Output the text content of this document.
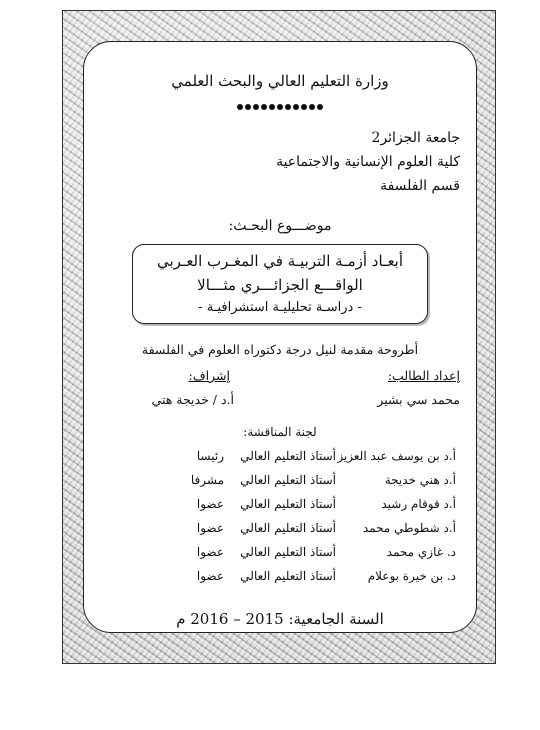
وزارة التعليم العالي والبحث العلمي
جامعة الجزائر2
كلية العلوم الإنسانية والاجتماعية
قسم الفلسفة
موضـــوع البحـث:
أبعـاد أزمـة التربيـة في المغـرب العـربي
الواقـــع الجزائـــري مثـــالا
- دراسـة تحليليـة استشرافيـة -
أطروحة مقدمة لنيل درجة دكتوراه العلوم في الفلسفة
إعداد الطالب:
إشراف:
محمد سي بشير
أ.د / خديجة هتي
لجنة المناقشة:
أ.د بن يوسف عبد العزيز
أستاذ التعليم العالي
رئيسا
أ.د هني خديجة
أستاذ التعليم العالي
مشرفا
أ.د قوقام رشيد
أستاذ التعليم العالي
عضوا
أ.د شطوطي محمد
أستاذ التعليم العالي
عضوا
د. غازي محمد
أستاذ التعليم العالي
عضوا
د. بن خيرة بوعلام
أستاذ التعليم العالي
عضوا
السنة الجامعية: 2015 – 2016 م
